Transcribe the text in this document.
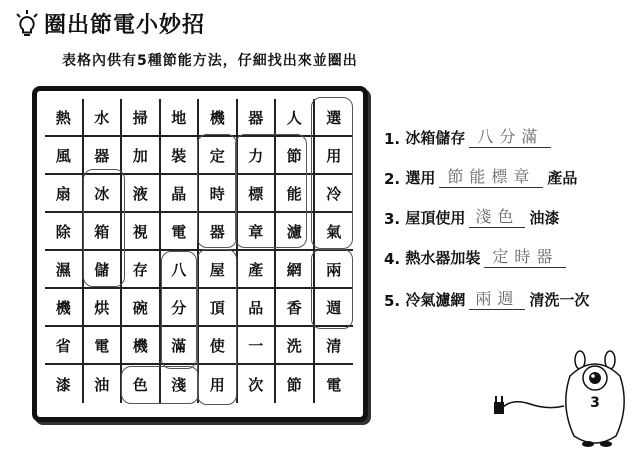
圈出節電小妙招
表格內供有5種節能方法，仔細找出來並圈出
熱	水	掃	地	機	器	人	選
風	器	加	裝	定	力	節	用
扇	冰	液	晶	時	標	能	冷
除	箱	視	電	器	章	濾	氣
濕	儲	存	八	屋	產	網	兩
機	烘	碗	分	頂	品	香	週
省	電	機	滿	使	一	洗	清
漆	油	色	淺	用	次	節	電
1.
冰箱儲存 八分滿
2.
選用 節能標章 產品
3.
屋頂使用 淺色 油漆
4.
熱水器加裝 定時器
5.
冷氣濾網 兩週 清洗一次
3
